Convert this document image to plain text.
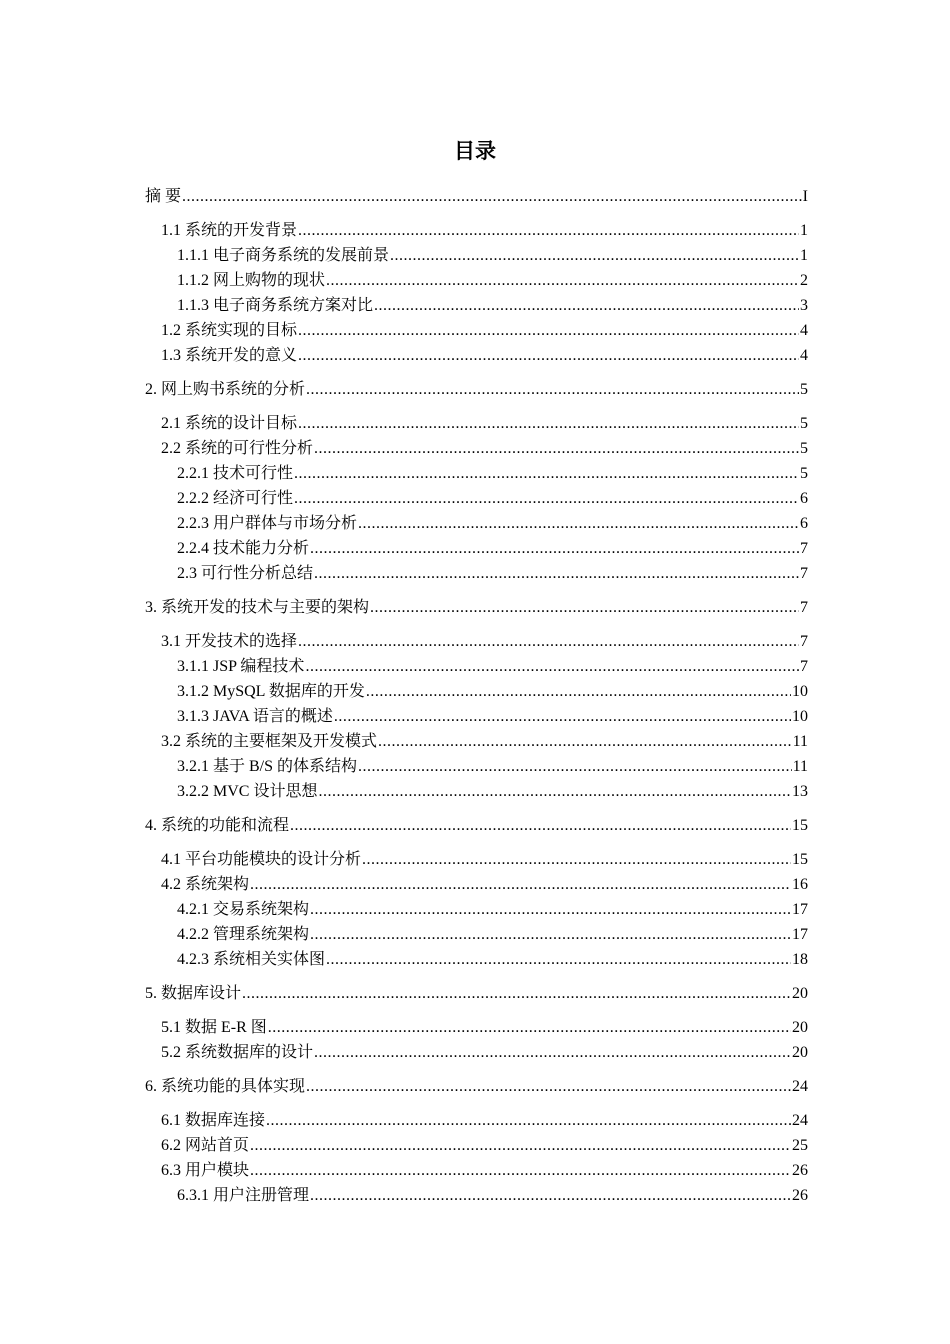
目录
摘 要 .....	I
1.1 系统的开发背景 .....	1
1.1.1 电子商务系统的发展前景 .....	1
1.1.2 网上购物的现状 .....	2
1.1.3 电子商务系统方案对比 .....	3
1.2 系统实现的目标 .....	4
1.3 系统开发的意义 .....	4
2. 网上购书系统的分析 .....	5
2.1 系统的设计目标 .....	5
2.2 系统的可行性分析 .....	5
2.2.1 技术可行性 .....	5
2.2.2 经济可行性 .....	6
2.2.3 用户群体与市场分析 .....	6
2.2.4 技术能力分析 .....	7
2.3 可行性分析总结 .....	7
3. 系统开发的技术与主要的架构 .....	7
3.1 开发技术的选择 .....	7
3.1.1 JSP 编程技术 .....	7
3.1.2 MySQL 数据库的开发 .....	10
3.1.3 JAVA 语言的概述 .....	10
3.2 系统的主要框架及开发模式 .....	11
3.2.1 基于 B/S 的体系结构 .....	11
3.2.2 MVC 设计思想 .....	13
4. 系统的功能和流程 .....	15
4.1 平台功能模块的设计分析 .....	15
4.2 系统架构 .....	16
4.2.1 交易系统架构 .....	17
4.2.2 管理系统架构 .....	17
4.2.3 系统相关实体图 .....	18
5. 数据库设计 .....	20
5.1 数据 E-R 图 .....	20
5.2 系统数据库的设计 .....	20
6. 系统功能的具体实现 .....	24
6.1 数据库连接 .....	24
6.2 网站首页 .....	25
6.3 用户模块 .....	26
6.3.1 用户注册管理 .....	26
